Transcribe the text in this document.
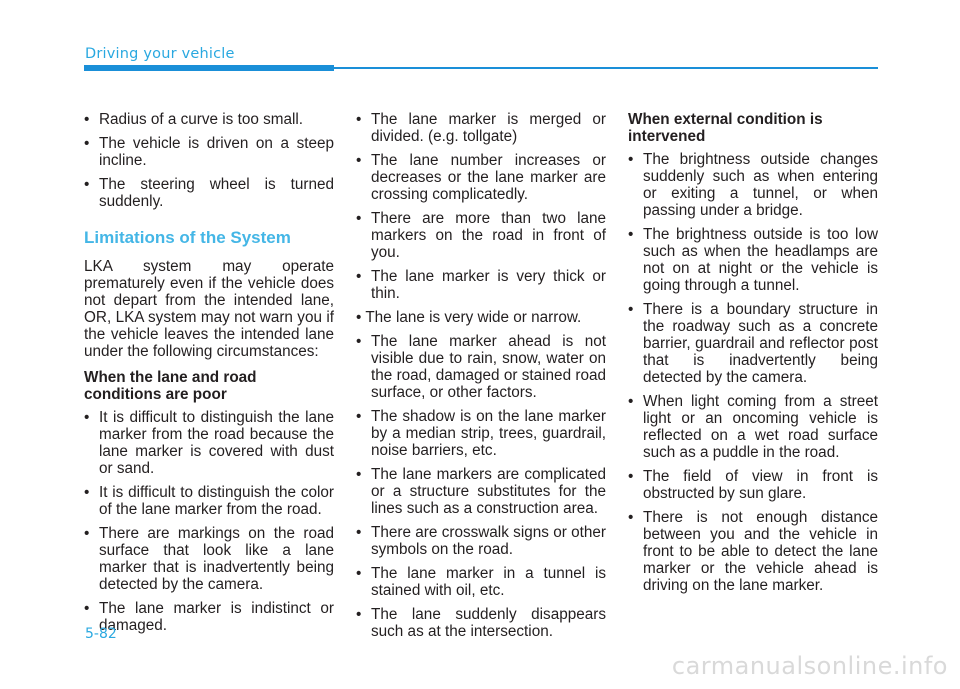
Driving your vehicle
• Radius of a curve is too small.
• The vehicle is driven on a steep incline.
• The steering wheel is turned suddenly.
Limitations of the System

LKA system may operate prematurely even if the vehicle does not depart from the intended lane, OR, LKA system may not warn you if the vehicle leaves the intended lane under the following circumstances:

When the lane and road conditions are poor
• It is difficult to distinguish the lane marker from the road because the lane marker is covered with dust or sand.
• It is difficult to distinguish the color of the lane marker from the road.
• There are markings on the road surface that look like a lane marker that is inadvertently being detected by the camera.
• The lane marker is indistinct or damaged.
• The lane marker is merged or divided. (e.g. tollgate)
• The lane number increases or decreases or the lane marker are crossing complicatedly.
• There are more than two lane markers on the road in front of you.
• The lane marker is very thick or thin.
• The lane is very wide or narrow.
• The lane marker ahead is not visible due to rain, snow, water on the road, damaged or stained road surface, or other factors.
• The shadow is on the lane marker by a median strip, trees, guardrail, noise barriers, etc.
• The lane markers are complicated or a structure substitutes for the lines such as a construction area.
• There are crosswalk signs or other symbols on the road.
• The lane marker in a tunnel is stained with oil, etc.
• The lane suddenly disappears such as at the intersection.
When external condition is intervened
• The brightness outside changes suddenly such as when entering or exiting a tunnel, or when passing under a bridge.
• The brightness outside is too low such as when the headlamps are not on at night or the vehicle is going through a tunnel.
• There is a boundary structure in the roadway such as a concrete barrier, guardrail and reflector post that is inadvertently being detected by the camera.
• When light coming from a street light or an oncoming vehicle is reflected on a wet road surface such as a puddle in the road.
• The field of view in front is obstructed by sun glare.
• There is not enough distance between you and the vehicle in front to be able to detect the lane marker or the vehicle ahead is driving on the lane marker.
5-82
carmanualsonline.info
